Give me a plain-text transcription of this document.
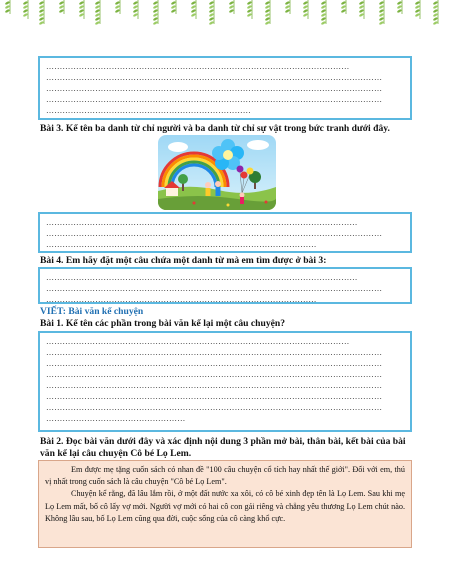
…………………………………………………………………………………………………
……………………………………………………………………………………………………………
……………………………………………………………………………………………………………
……………………………………………………………………………………………………………
…………………………………………………………………
Bài 3. Kể tên ba danh từ chỉ người và ba danh từ chỉ sự vật trong bức tranh dưới đây.
……………………………………………………………………………………………………
……………………………………………………………………………………………………………
………………………………………………………………………………………
Bài 4. Em hãy đặt một câu chứa một danh từ mà em tìm được ở bài 3:
……………………………………………………………………………………………………
……………………………………………………………………………………………………………
………………………………………………………………………………………
VIẾT: Bài văn kể chuyện
Bài 1. Kể tên các phần trong bài văn kể lại một câu chuyện?
…………………………………………………………………………………………………
……………………………………………………………………………………………………………
……………………………………………………………………………………………………………
……………………………………………………………………………………………………………
……………………………………………………………………………………………………………
……………………………………………………………………………………………………………
……………………………………………………………………………………………………………
……………………………………………
Bài 2. Đọc bài văn dưới đây và xác định nội dung 3 phần mở bài, thân bài, kết bài của bài văn kể lại câu chuyện Cô bé Lọ Lem.

Em được mẹ tặng cuốn sách có nhan đề "100 câu chuyện cổ tích hay nhất thế giới". Đối với em, thú vị nhất trong cuốn sách là câu chuyện "Cô bé Lọ Lem".

Chuyện kể rằng, đã lâu lắm rồi, ở một đất nước xa xôi, có cô bé xinh đẹp tên là Lọ Lem. Sau khi mẹ Lọ Lem mất, bố cô lấy vợ mới. Người vợ mới có hai cô con gái riêng và chẳng yêu thương Lọ Lem chút nào. Không lâu sau, bố Lọ Lem cũng qua đời, cuộc sống của cô càng khổ cực.
